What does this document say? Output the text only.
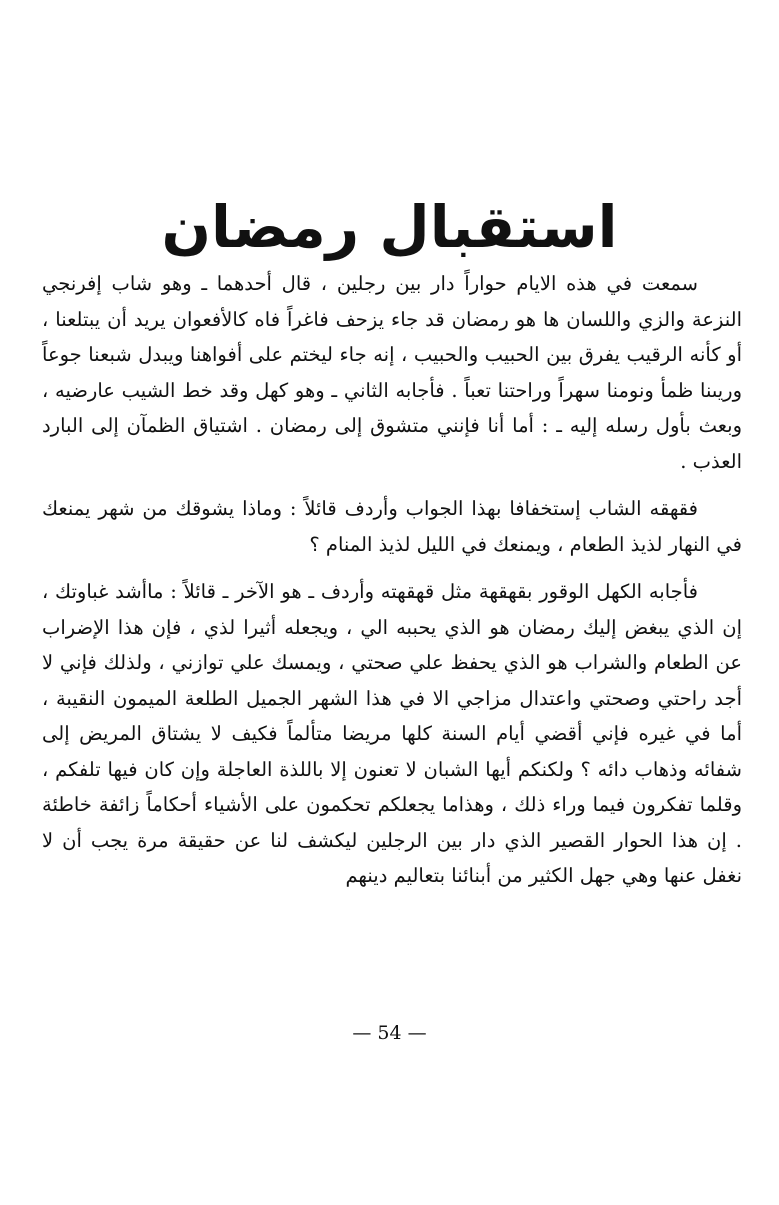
استقبال رمضان

سمعت في هذه الايام حواراً دار بين رجلين ، قال أحدهما ـ وهو شاب إفرنجي النزعة والزي واللسان ها هو رمضان قد جاء يزحف فاغراً فاه كالأفعوان يريد أن يبتلعنا ، أو كأنه الرقيب يفرق بين الحبيب والحبيب ، إنه جاء ليختم على أفواهنا ويبدل شبعنا جوعاً وريىنا ظمأ ونومنا سهراً وراحتنا تعباً . فأجابه الثاني ـ وهو كهل وقد خط الشيب عارضيه ، وبعث بأول رسله إليه ـ : أما أنا فإنني متشوق إلى رمضان . اشتياق الظمآن إلى البارد العذب .

فقهقه الشاب إستخفافا بهذا الجواب وأردف قائلاً : وماذا يشوقك من شهر يمنعك في النهار لذيذ الطعام ، ويمنعك في الليل لذيذ المنام ؟

فأجابه الكهل الوقور بقهقهة مثل قهقهته وأردف ـ هو الآخر ـ قائلاً : ماأشد غباوتك ، إن الذي يبغض إليك رمضان هو الذي يحببه الي ، ويجعله أثيرا لذي ، فإن هذا الإضراب عن الطعام والشراب هو الذي يحفظ علي صحتي ، ويمسك علي توازني ، ولذلك فإني لا أجد راحتي وصحتي واعتدال مزاجي الا في هذا الشهر الجميل الطلعة الميمون النقيبة ، أما في غيره فإني أقضي أيام السنة كلها مريضا متألماً فكيف لا يشتاق المريض إلى شفائه وذهاب دائه ؟ ولكنكم أيها الشبان لا تعنون إلا باللذة العاجلة وإن كان فيها تلفكم ، وقلما تفكرون فيما وراء ذلك ، وهذاما يجعلكم تحكمون على الأشياء أحكاماً زائفة خاطئة . إن هذا الحوار القصير الذي دار بين الرجلين ليكشف لنا عن حقيقة مرة يجب أن لا نغفل عنها وهي جهل الكثير من أبنائنا بتعاليم دينهم

— 54 —
